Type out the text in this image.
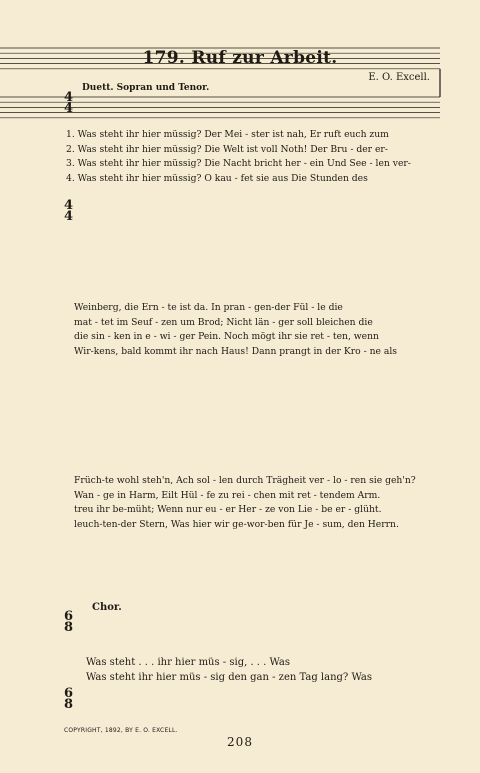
179. Ruf zur Arbeit.
E. O. Excell.
Duett. Sopran und Tenor.
4
4
4
4
1. Was steht ihr hier müssig? Der Mei - ster ist nah, Er ruft euch zum
2. Was steht ihr hier müssig? Die Welt ist voll Noth! Der Bru - der er-
3. Was steht ihr hier müssig? Die Nacht bricht her - ein Und See - len ver-
4. Was steht ihr hier müssig? O kau - fet sie aus Die Stunden des
Weinberg, die Ern - te ist da. In pran - gen-der Fül - le die
mat - tet im Seuf - zen um Brod; Nicht län - ger soll bleichen die
die sin - ken in e - wi - ger Pein. Noch mögt ihr sie ret - ten, wenn
Wir-kens, bald kommt ihr nach Haus! Dann prangt in der Kro - ne als
Früch-te wohl steh'n, Ach sol - len durch Trägheit ver - lo - ren sie geh'n?
Wan - ge in Harm, Eilt Hül - fe zu rei - chen mit ret - tendem Arm.
treu ihr be-müht; Wenn nur eu - er Her - ze von Lie - be er - glüht.
leuch-ten-der Stern, Was hier wir ge-wor-ben für Je - sum, den Herrn.
Chor.
6
8
6
8
Was steht . . . ihr hier müs - sig, . . . Was
Was steht ihr hier müs - sig den gan - zen Tag lang? Was
COPYRIGHT, 1892, BY E. O. EXCELL.
208
